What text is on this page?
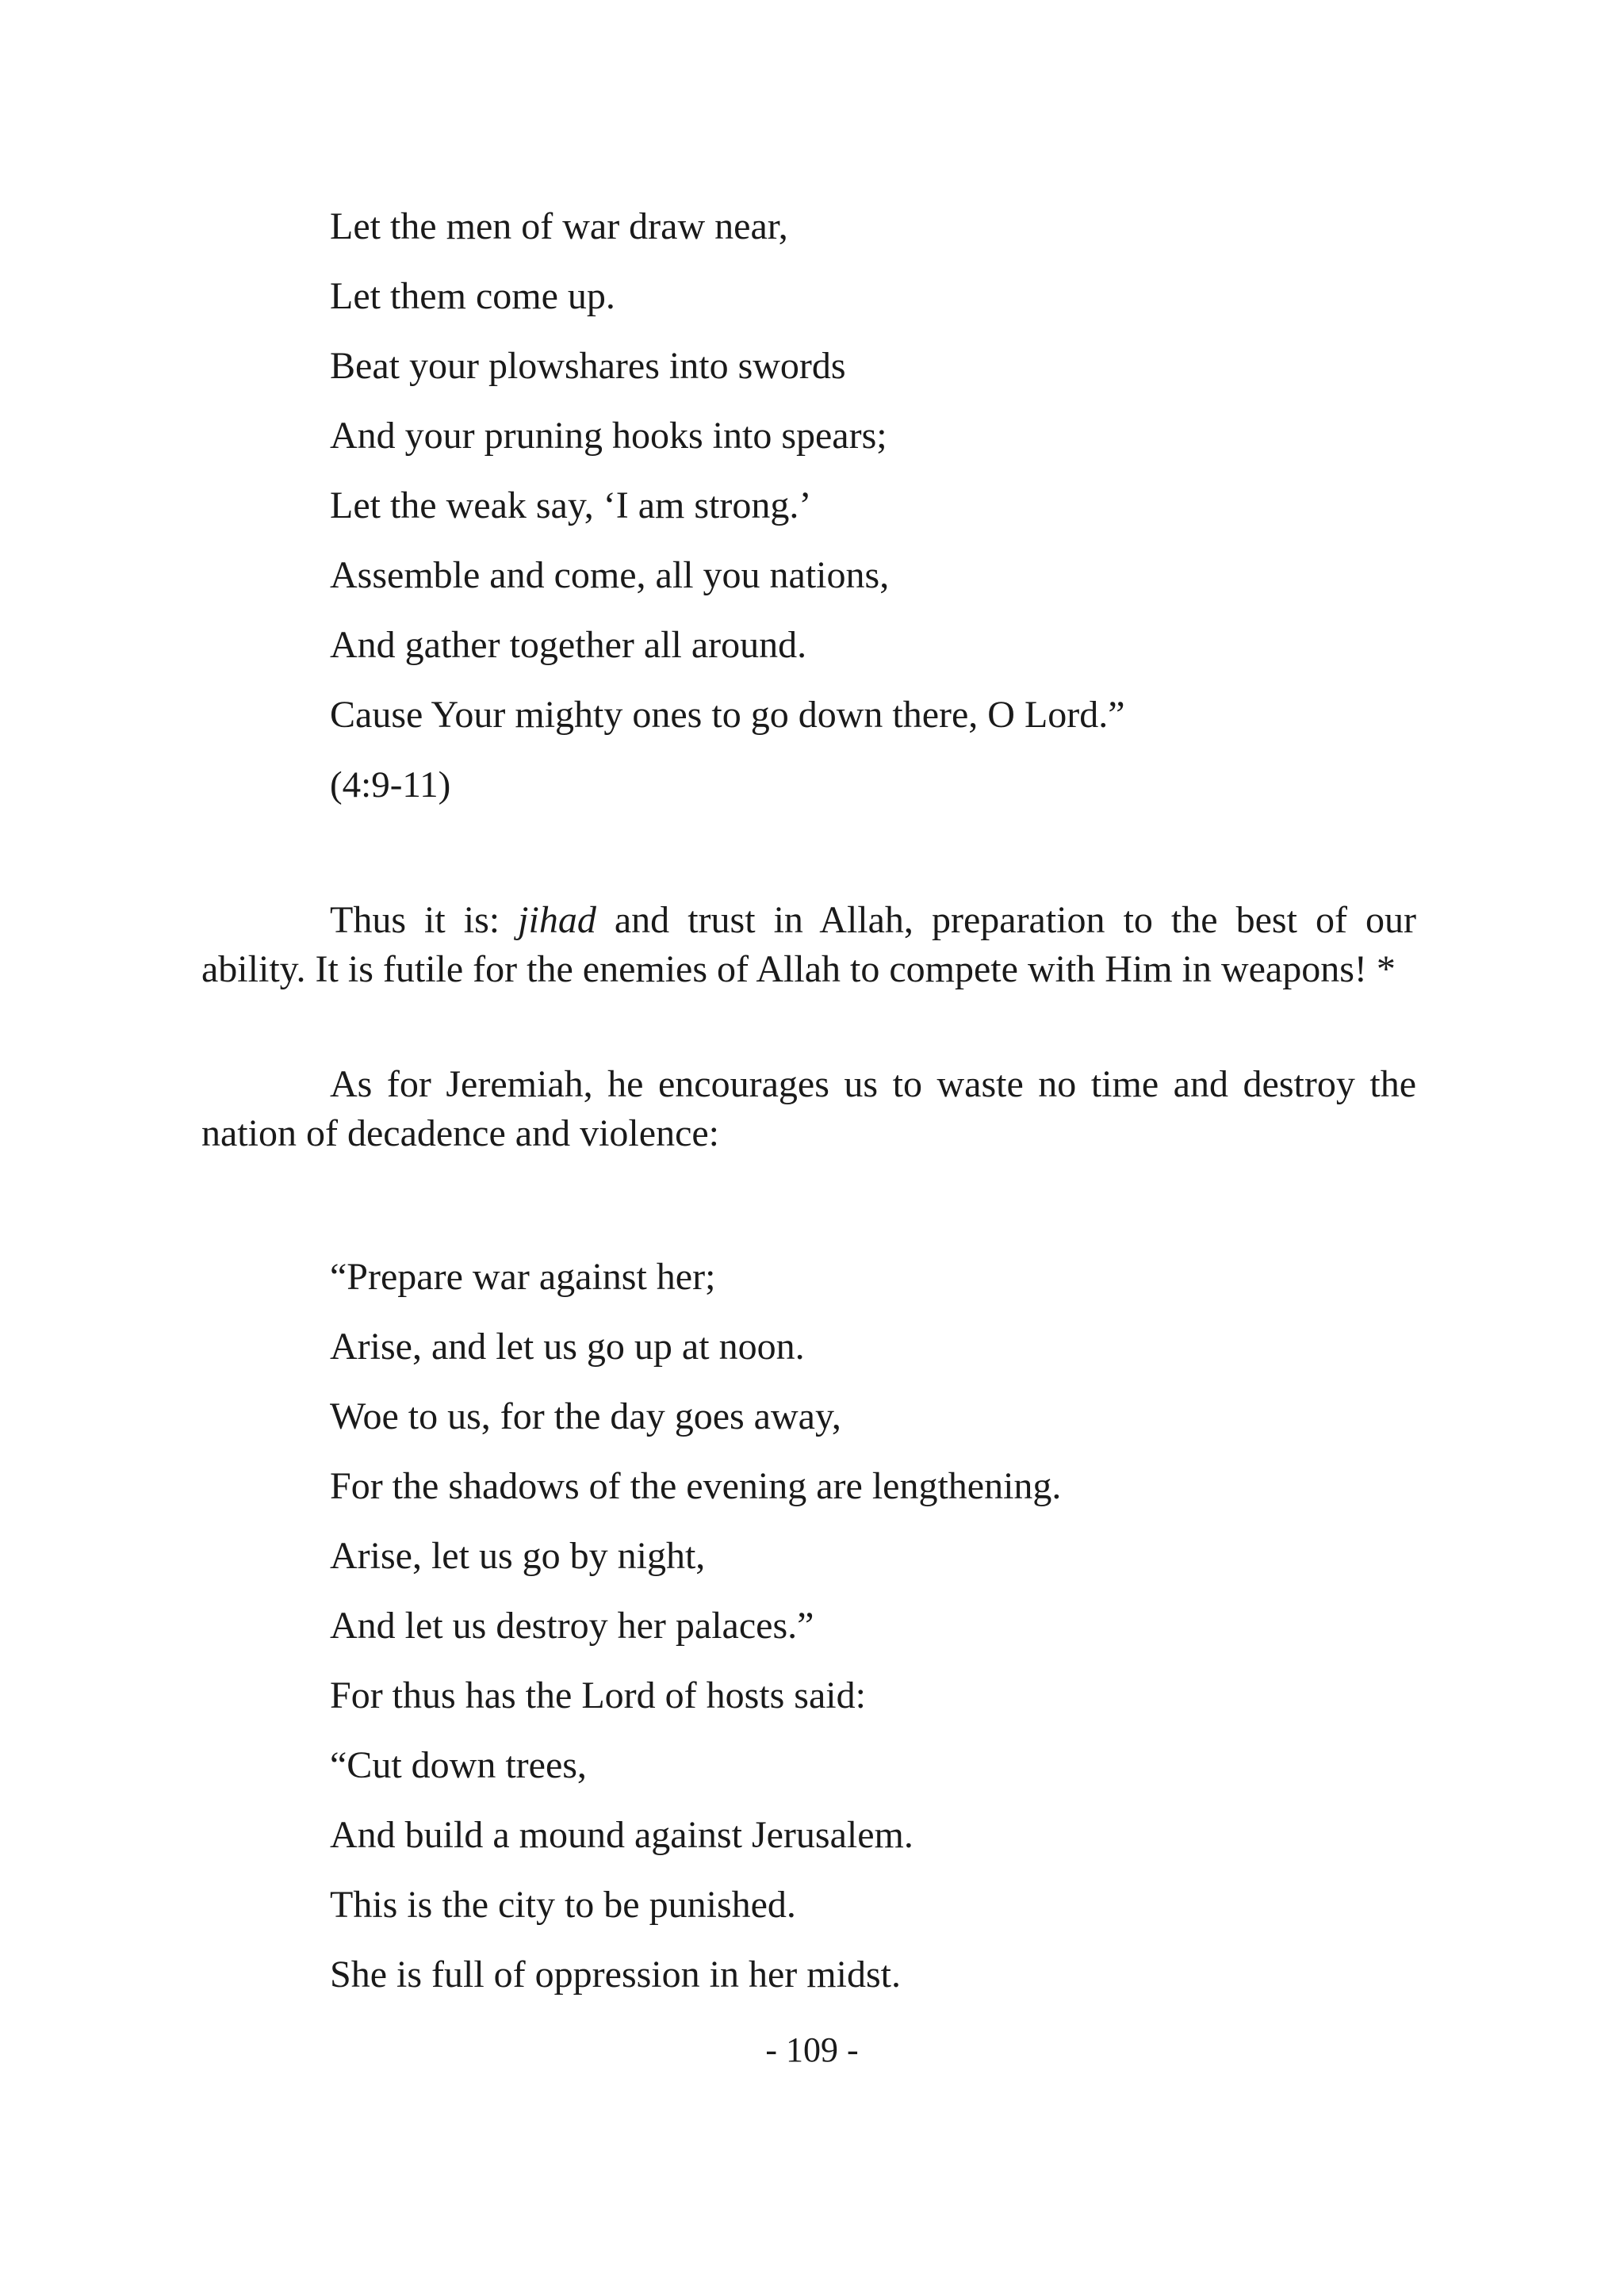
Let the men of war draw near,
Let them come up.
Beat your plowshares into swords
And your pruning hooks into spears;
Let the weak say, ‘I am strong.’
Assemble and come, all you nations,
And gather together all around.
Cause Your mighty ones to go down there, O Lord.”
(4:9-11)

Thus it is: jihad and trust in Allah, preparation to the best of our ability. It is futile for the enemies of Allah to compete with Him in weapons! *

As for Jeremiah, he encourages us to waste no time and destroy the nation of decadence and violence:

“Prepare war against her;
Arise, and let us go up at noon.
Woe to us, for the day goes away,
For the shadows of the evening are lengthening.
Arise, let us go by night,
And let us destroy her palaces.”
For thus has the Lord of hosts said:
“Cut down trees,
And build a mound against Jerusalem.
This is the city to be punished.
She is full of oppression in her midst.
- 109 -
